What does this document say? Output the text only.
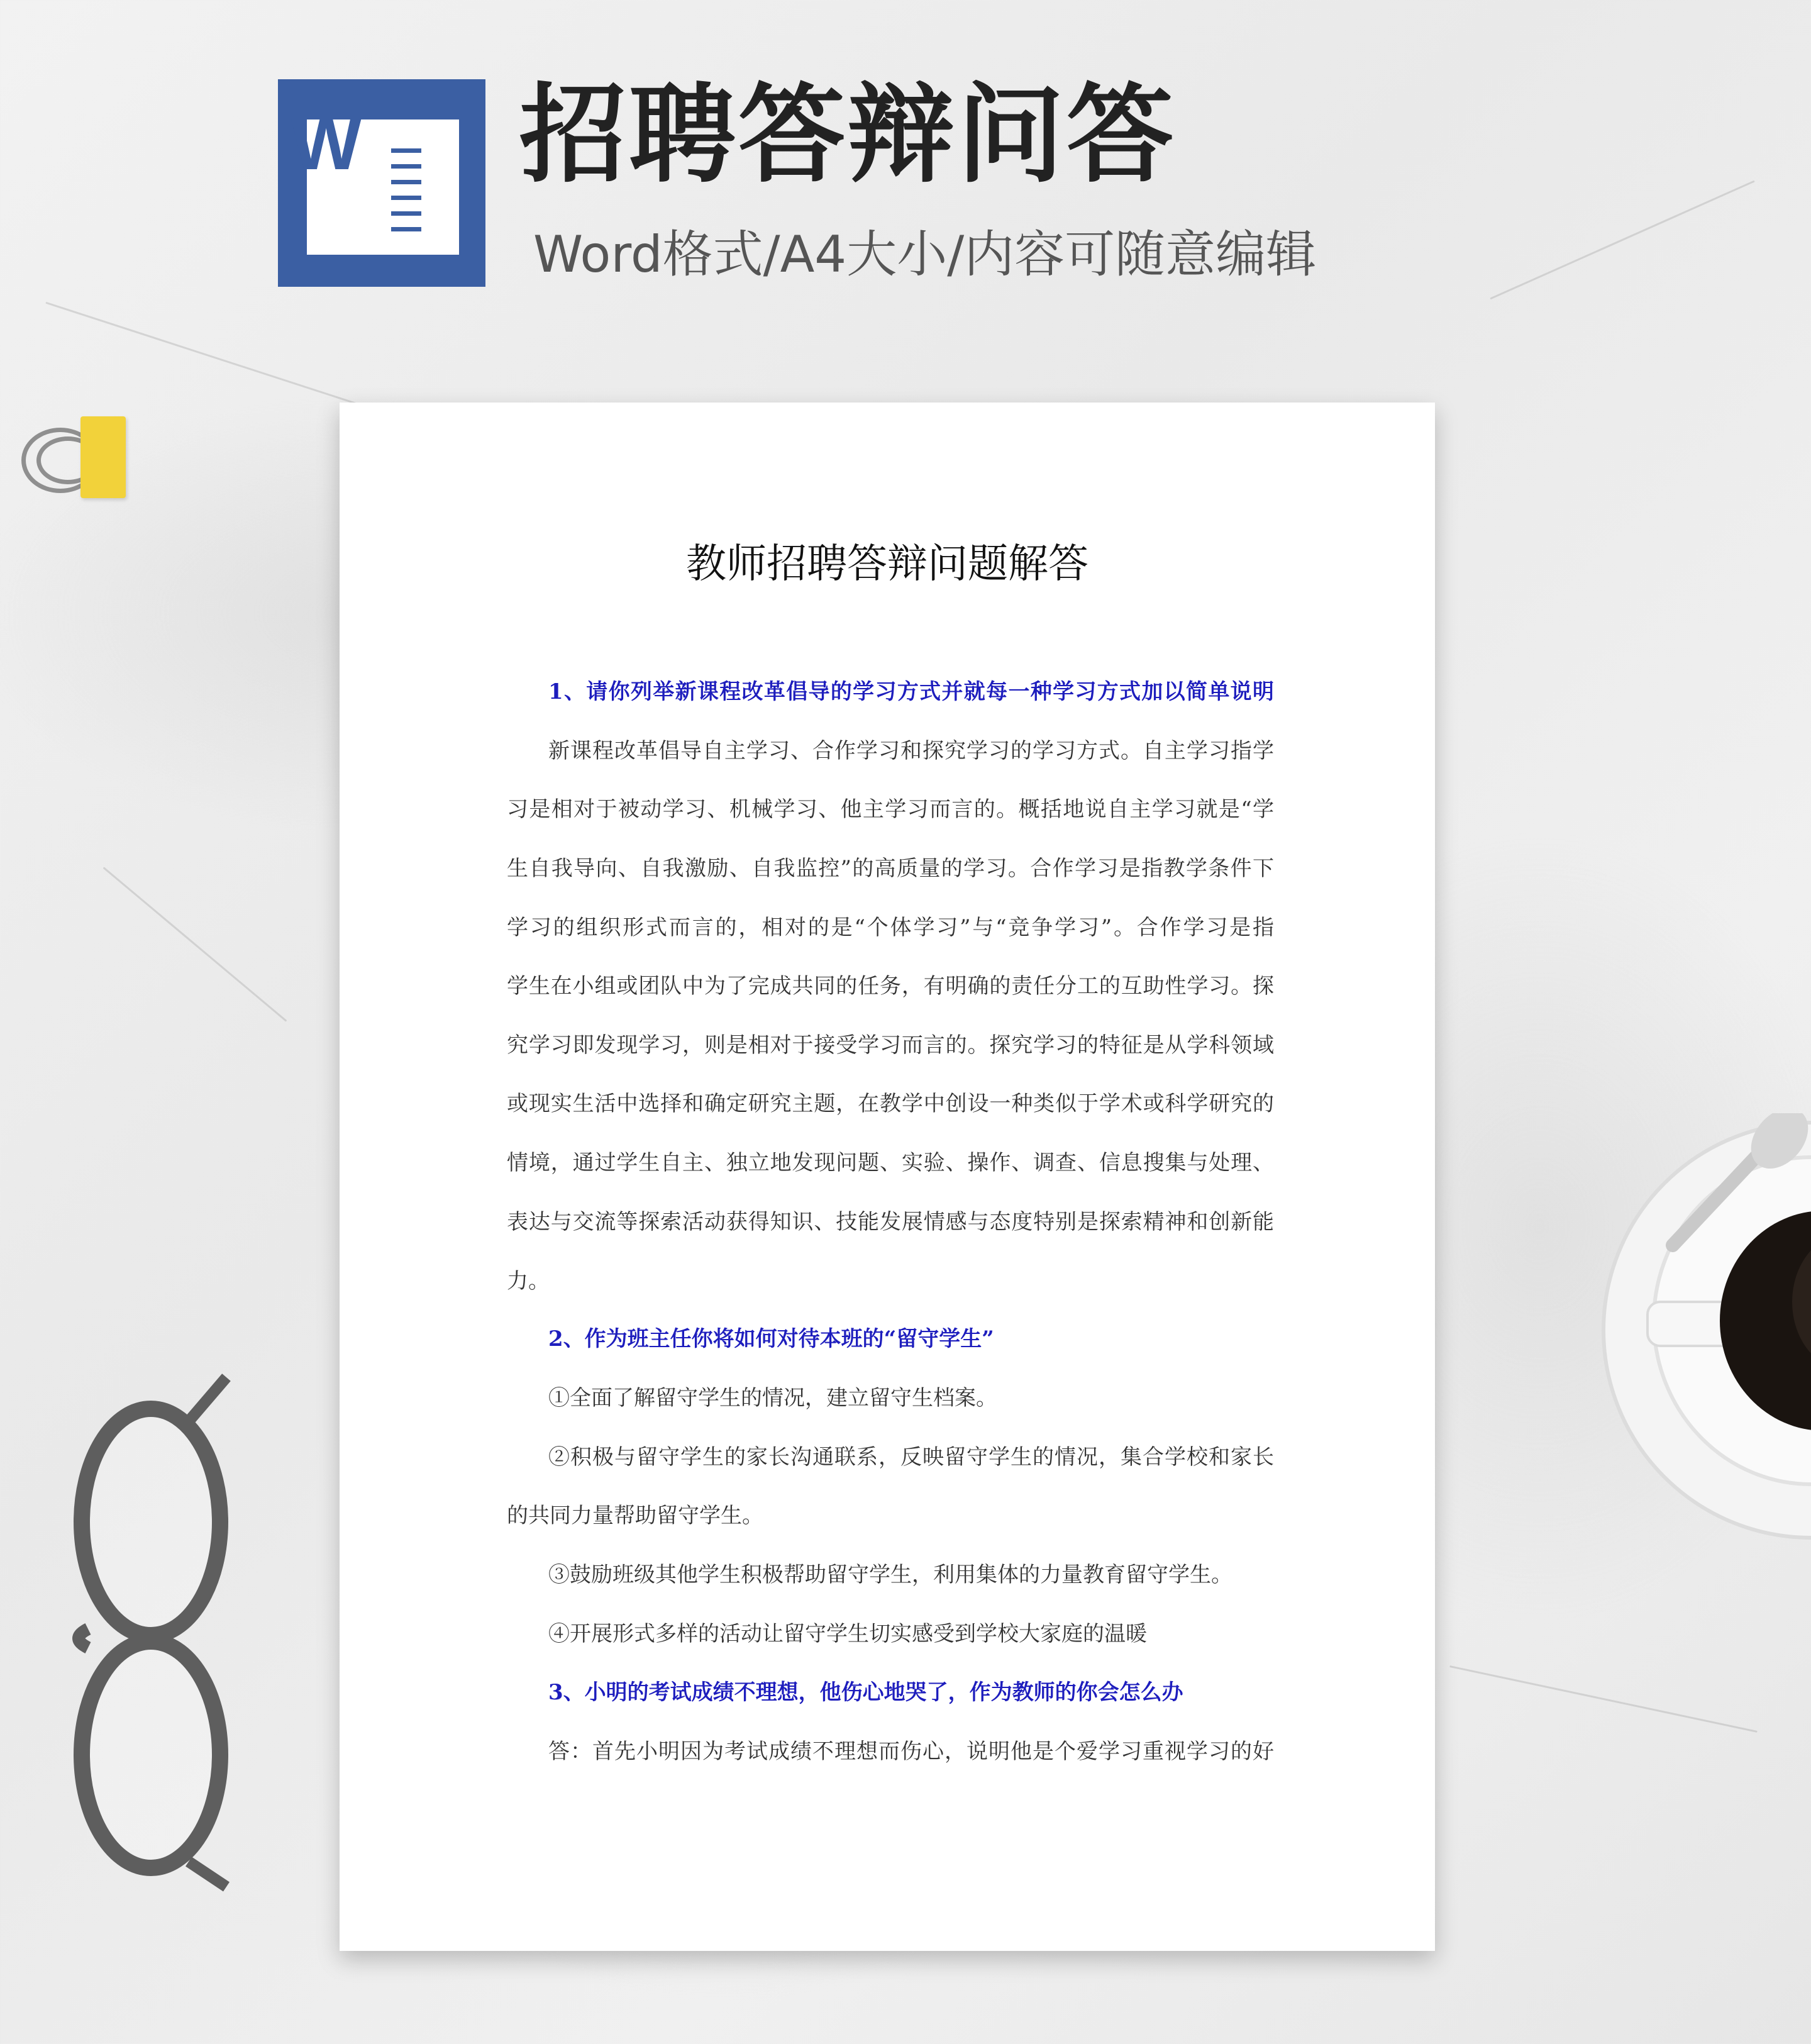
W 招聘答辩问答
Word格式/A4大小/内容可随意编辑
教师招聘答辩问题解答
1、请你列举新课程改革倡导的学习方式并就每一种学习方式加以简单说明
新课程改革倡导自主学习、合作学习和探究学习的学习方式。自主学习指学
习是相对于被动学习、机械学习、他主学习而言的。概括地说自主学习就是“学
生自我导向、自我激励、自我监控”的高质量的学习。合作学习是指教学条件下
学习的组织形式而言的，相对的是“个体学习”与“竞争学习”。合作学习是指
学生在小组或团队中为了完成共同的任务，有明确的责任分工的互助性学习。探
究学习即发现学习，则是相对于接受学习而言的。探究学习的特征是从学科领域
或现实生活中选择和确定研究主题，在教学中创设一种类似于学术或科学研究的
情境，通过学生自主、独立地发现问题、实验、操作、调查、信息搜集与处理、
表达与交流等探索活动获得知识、技能发展情感与态度特别是探索精神和创新能
力。
2、作为班主任你将如何对待本班的“留守学生”
①全面了解留守学生的情况，建立留守生档案。
②积极与留守学生的家长沟通联系，反映留守学生的情况，集合学校和家长
的共同力量帮助留守学生。
③鼓励班级其他学生积极帮助留守学生，利用集体的力量教育留守学生。
④开展形式多样的活动让留守学生切实感受到学校大家庭的温暖
3、小明的考试成绩不理想，他伤心地哭了，作为教师的你会怎么办
答：首先小明因为考试成绩不理想而伤心，说明他是个爱学习重视学习的好
